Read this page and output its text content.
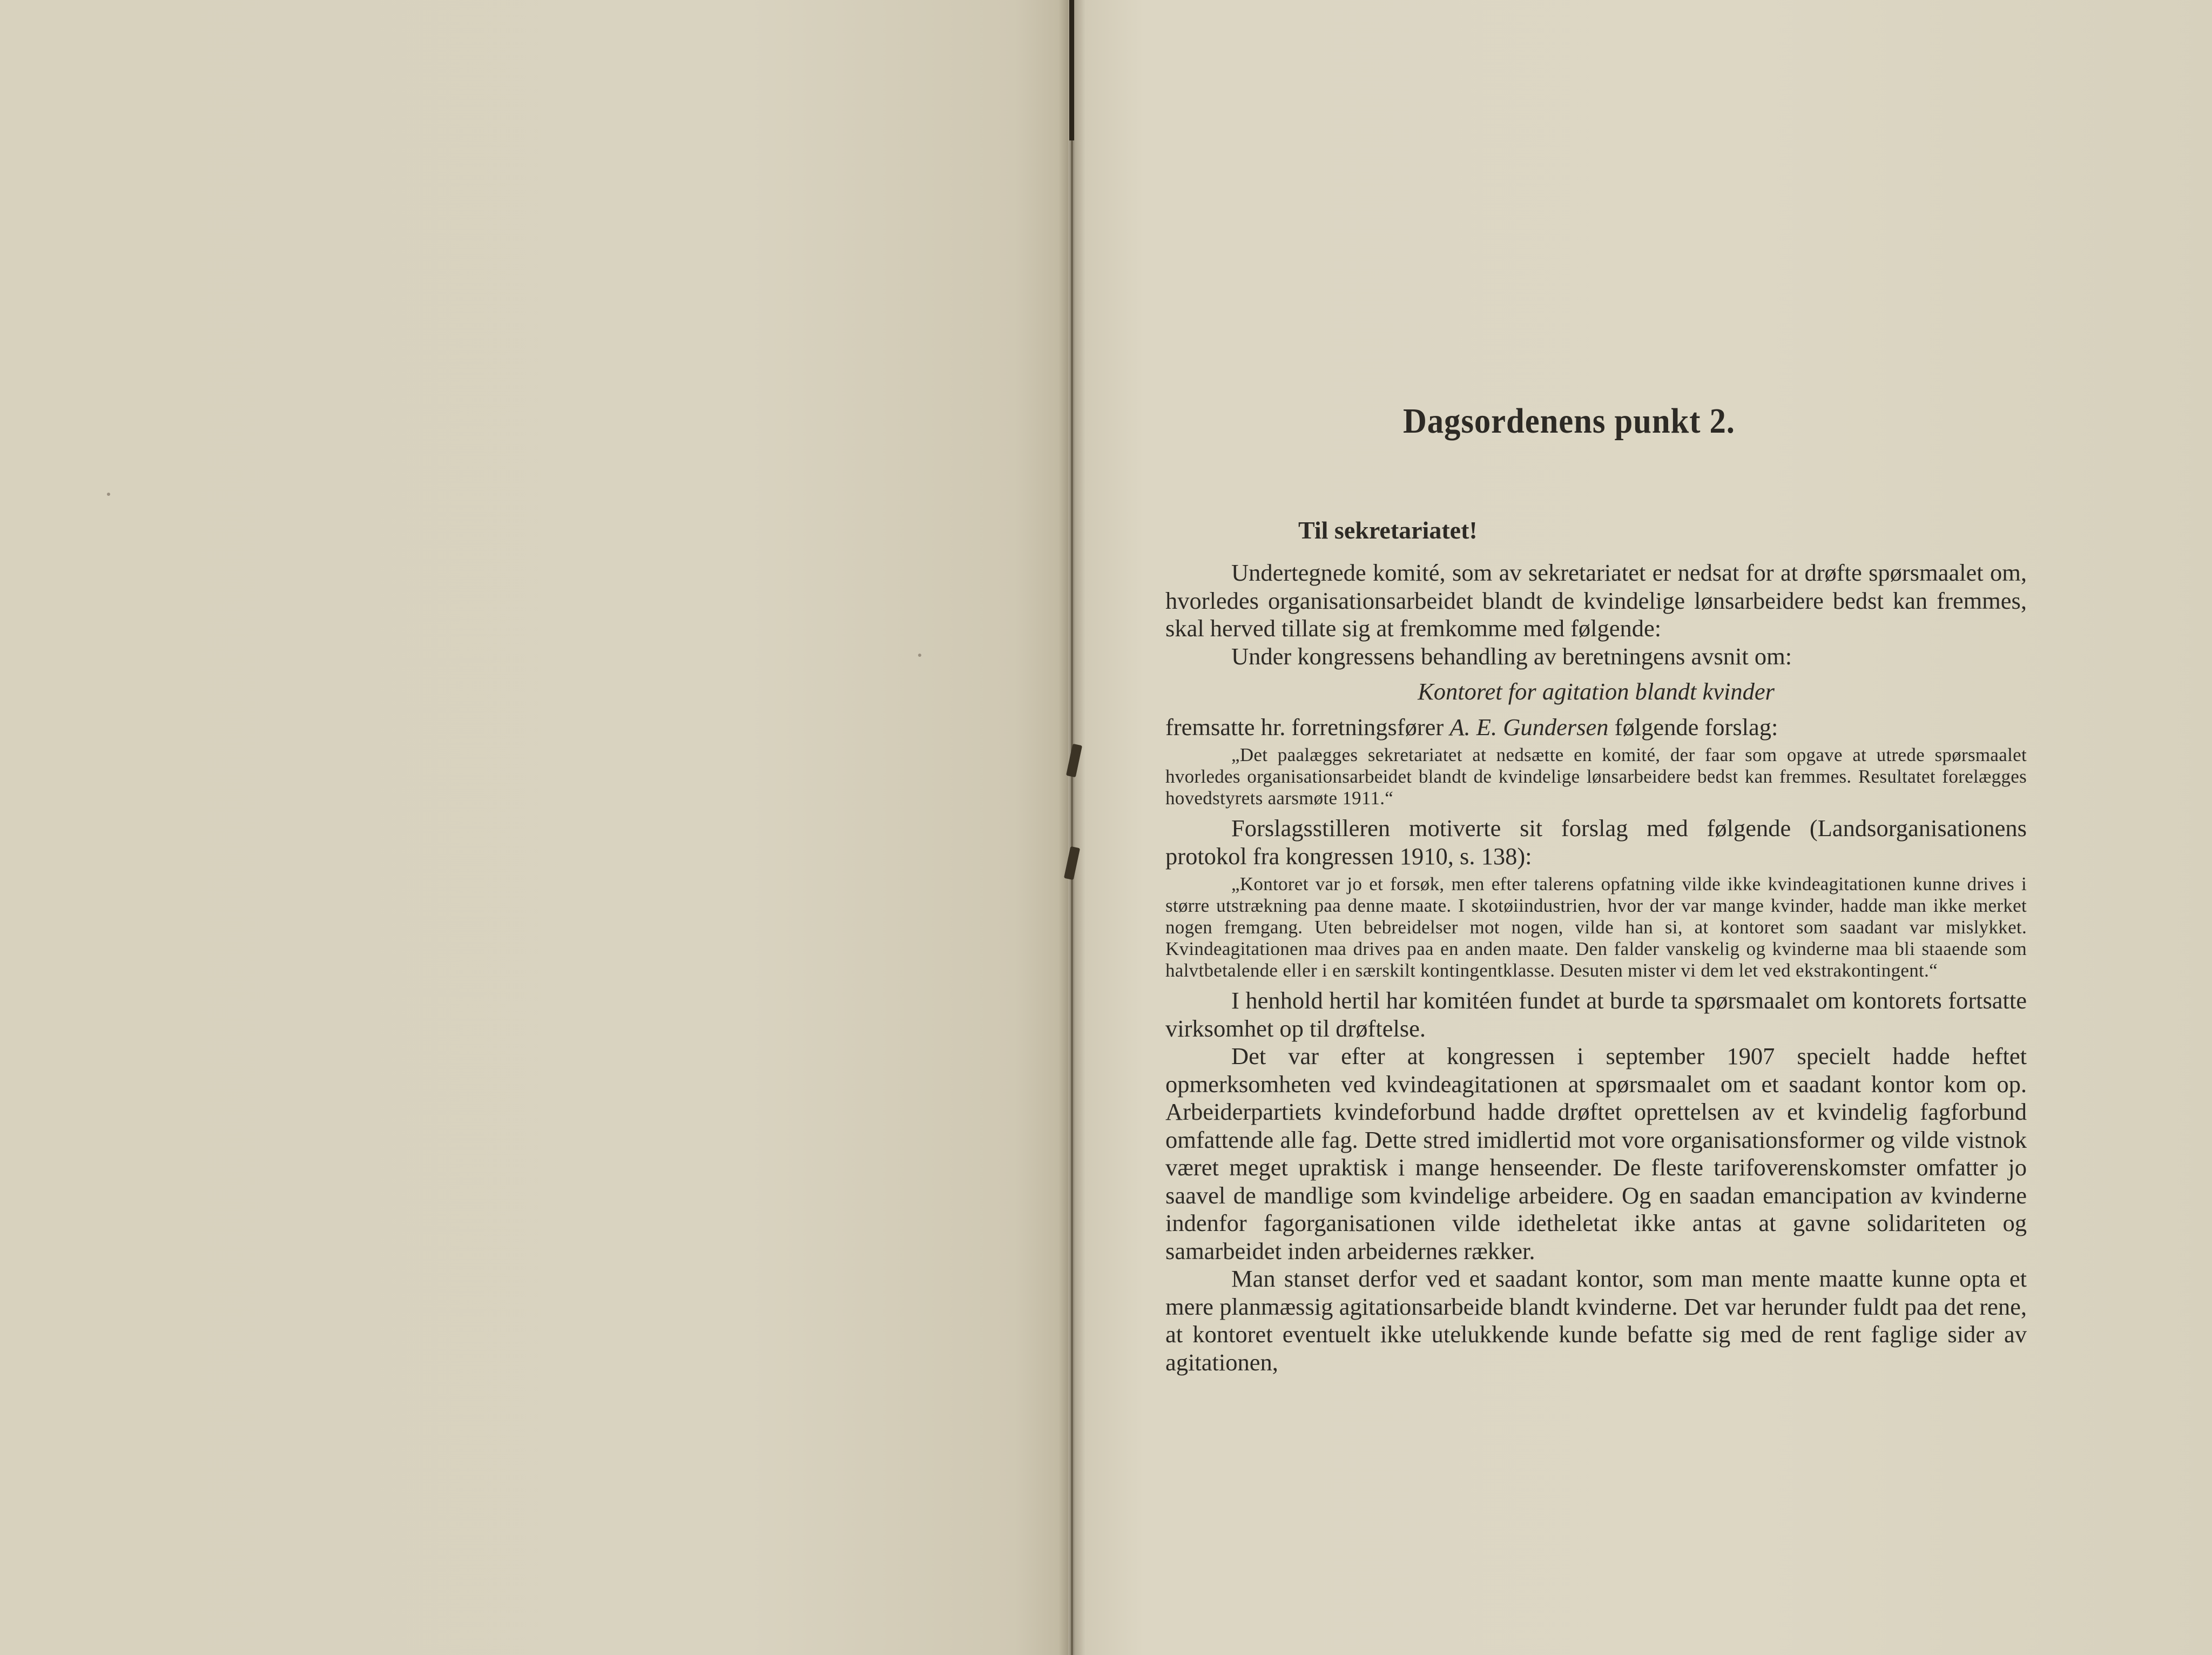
Dagsordenens punkt 2.
Til sekretariatet!

Undertegnede komité, som av sekretariatet er nedsat for at drøfte spørsmaalet om, hvorledes organisationsarbeidet blandt de kvindelige lønsarbeidere bedst kan fremmes, skal herved tillate sig at fremkomme med følgende:

Under kongressens behandling av beretningens avsnit om:

Kontoret for agitation blandt kvinder

fremsatte hr. forretningsfører A. E. Gundersen følgende forslag:

„Det paalægges sekretariatet at nedsætte en komité, der faar som opgave at utrede spørsmaalet hvorledes organisationsarbeidet blandt de kvindelige lønsarbeidere bedst kan fremmes. Resultatet forelægges hovedstyrets aarsmøte 1911.“

Forslagsstilleren motiverte sit forslag med følgende (Landsorganisationens protokol fra kongressen 1910, s. 138):

„Kontoret var jo et forsøk, men efter talerens opfatning vilde ikke kvindeagitationen kunne drives i større utstrækning paa denne maate. I skotøiindustrien, hvor der var mange kvinder, hadde man ikke merket nogen fremgang. Uten bebreidelser mot nogen, vilde han si, at kontoret som saadant var mislykket. Kvindeagitationen maa drives paa en anden maate. Den falder vanskelig og kvinderne maa bli staaende som halvtbetalende eller i en særskilt kontingentklasse. Desuten mister vi dem let ved ekstrakontingent.“

I henhold hertil har komitéen fundet at burde ta spørsmaalet om kontorets fortsatte virksomhet op til drøftelse.

Det var efter at kongressen i september 1907 specielt hadde heftet opmerksomheten ved kvindeagitationen at spørsmaalet om et saadant kontor kom op. Arbeiderpartiets kvindeforbund hadde drøftet oprettelsen av et kvindelig fagforbund omfattende alle fag. Dette stred imidlertid mot vore organisationsformer og vilde vistnok været meget upraktisk i mange henseender. De fleste tarifoverenskomster omfatter jo saavel de mandlige som kvindelige arbeidere. Og en saadan emancipation av kvinderne indenfor fagorganisationen vilde idetheletat ikke antas at gavne solidariteten og samarbeidet inden arbeidernes rækker.

Man stanset derfor ved et saadant kontor, som man mente maatte kunne opta et mere planmæssig agitationsarbeide blandt kvinderne. Det var herunder fuldt paa det rene, at kontoret eventuelt ikke utelukkende kunde befatte sig med de rent faglige sider av agitationen,
